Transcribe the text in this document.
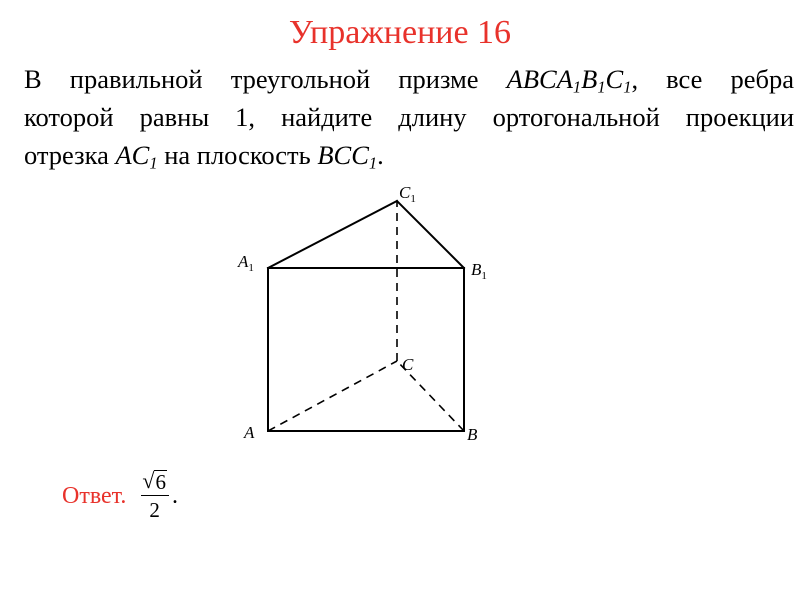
Упражнение 16
В правильной треугольной призме $ABCA_1B_1C_1$, все ребра
которой равны 1, найдите длину ортогональной проекции
отрезка $AC_1$ на плоскость $BCC_1$.
$C_1$
$A_1$	$B_1$
C
A	B
Ответ. $\frac{√ 6}{2}$ .
